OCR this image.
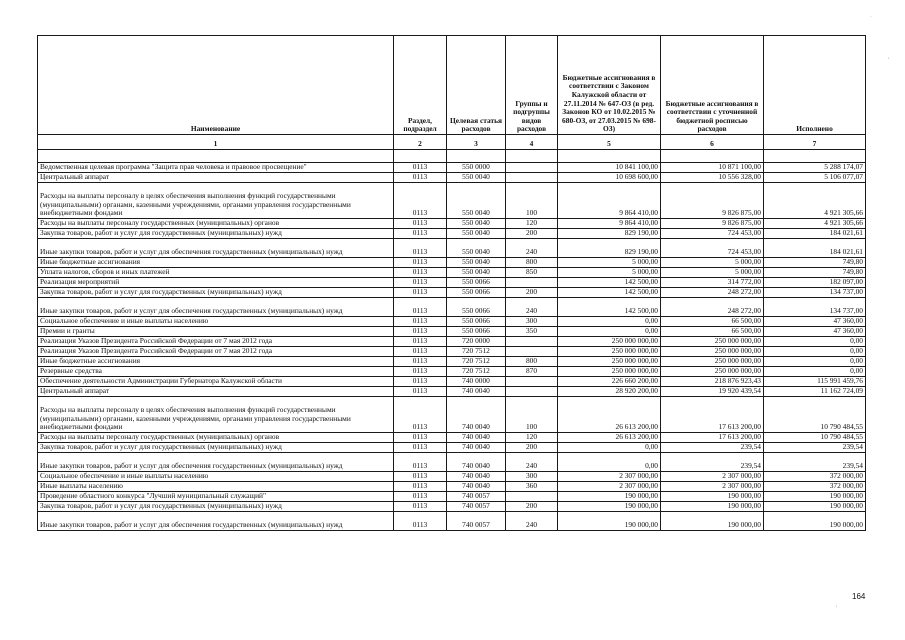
Наименование	Раздел, подраздел	Целевая статья расходов	Группы и подгруппы видов расходов	Бюджетные ассигнования в соответствии с Законом Калужской области от 27.11.2014 № 647-ОЗ (в ред. Законов КО от 10.02.2015 № 680-ОЗ, от 27.03.2015 № 698-ОЗ)	Бюджетные ассигнования в соответствии с уточненной бюджетной росписью расходов	Исполнено
1	2	3	4	5	6	7

Ведомственная целевая программа "Защита прав человека и правовое просвещение"	0113	550 0000		10 841 100,00	10 871 100,00	5 288 174,07
Центральный аппарат	0113	550 0040		10 698 600,00	10 556 328,00	5 106 077,07
Расходы на выплаты персоналу в целях обеспечения выполнения функций государственными (муниципальными) органами, казенными учреждениями, органами управления государственными внебюджетными фондами	0113	550 0040	100	9 864 410,00	9 826 875,00	4 921 305,66
Расходы на выплаты персоналу государственных (муниципальных) органов	0113	550 0040	120	9 864 410,00	9 826 875,00	4 921 305,66
Закупка товаров, работ и услуг для государственных (муниципальных) нужд	0113	550 0040	200	829 190,00	724 453,00	184 021,61
Иные закупки товаров, работ и услуг для обеспечения государственных (муниципальных) нужд	0113	550 0040	240	829 190,00	724 453,00	184 021,61
Иные бюджетные ассигнования	0113	550 0040	800	5 000,00	5 000,00	749,80
Уплата налогов, сборов и иных платежей	0113	550 0040	850	5 000,00	5 000,00	749,80
Реализация мероприятий	0113	550 0066		142 500,00	314 772,00	182 097,00
Закупка товаров, работ и услуг для государственных (муниципальных) нужд	0113	550 0066	200	142 500,00	248 272,00	134 737,00
Иные закупки товаров, работ и услуг для обеспечения государственных (муниципальных) нужд	0113	550 0066	240	142 500,00	248 272,00	134 737,00
Социальное обеспечение и иные выплаты населению	0113	550 0066	300	0,00	66 500,00	47 360,00
Премии и гранты	0113	550 0066	350	0,00	66 500,00	47 360,00
Реализация Указов Президента Российской Федерации от 7 мая 2012 года	0113	720 0000		250 000 000,00	250 000 000,00	0,00
Реализация Указов Президента Российской Федерации от 7 мая 2012 года	0113	720 7512		250 000 000,00	250 000 000,00	0,00
Иные бюджетные ассигнования	0113	720 7512	800	250 000 000,00	250 000 000,00	0,00
Резервные средства	0113	720 7512	870	250 000 000,00	250 000 000,00	0,00
Обеспечение деятельности Администрации Губернатора Калужской области	0113	740 0000		226 660 200,00	218 876 923,43	115 991 459,76
Центральный аппарат	0113	740 0040		28 920 200,00	19 920 439,54	11 162 724,09
Расходы на выплаты персоналу в целях обеспечения выполнения функций государственными (муниципальными) органами, казенными учреждениями, органами управления государственными внебюджетными фондами	0113	740 0040	100	26 613 200,00	17 613 200,00	10 790 484,55
Расходы на выплаты персоналу государственных (муниципальных) органов	0113	740 0040	120	26 613 200,00	17 613 200,00	10 790 484,55
Закупка товаров, работ и услуг для государственных (муниципальных) нужд	0113	740 0040	200	0,00	239,54	239,54
Иные закупки товаров, работ и услуг для обеспечения государственных (муниципальных) нужд	0113	740 0040	240	0,00	239,54	239,54
Социальное обеспечение и иные выплаты населению	0113	740 0040	300	2 307 000,00	2 307 000,00	372 000,00
Иные выплаты населению	0113	740 0040	360	2 307 000,00	2 307 000,00	372 000,00
Проведение областного конкурса "Лучший муниципальный служащий"	0113	740 0057		190 000,00	190 000,00	190 000,00
Закупка товаров, работ и услуг для государственных (муниципальных) нужд	0113	740 0057	200	190 000,00	190 000,00	190 000,00
Иные закупки товаров, работ и услуг для обеспечения государственных (муниципальных) нужд	0113	740 0057	240	190 000,00	190 000,00	190 000,00
164
'
·
'
